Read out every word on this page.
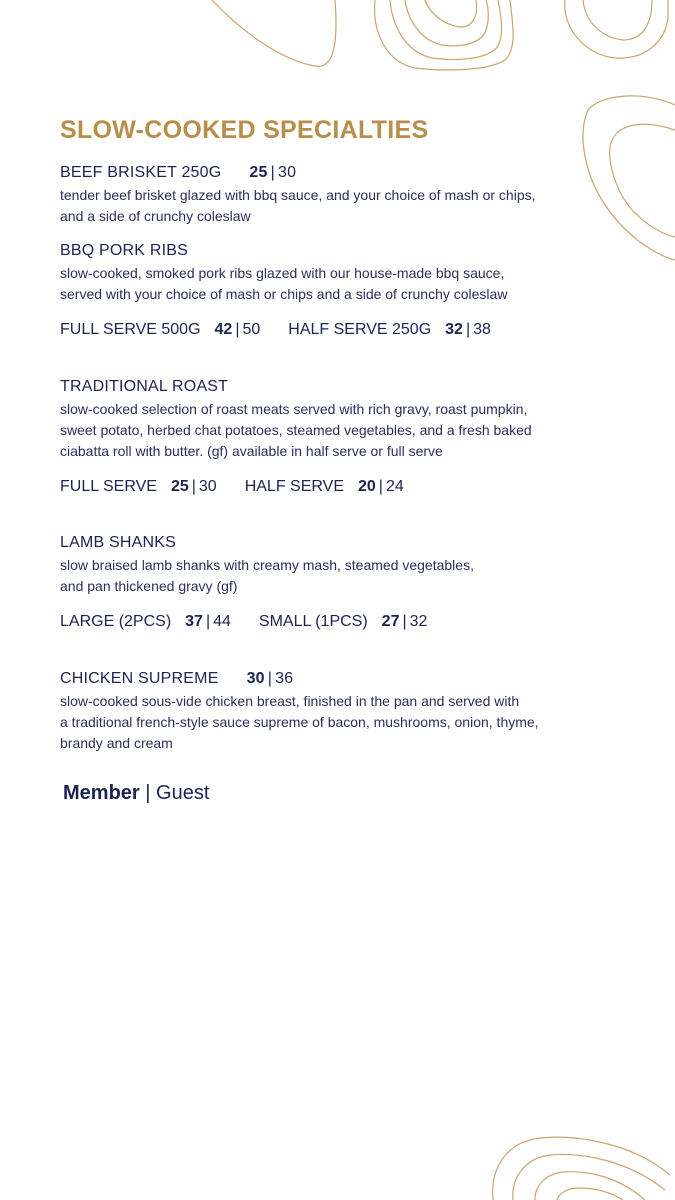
SLOW-COOKED SPECIALTIES
BEEF BRISKET 250G 25 | 30
tender beef brisket glazed with bbq sauce, and your choice of mash or chips,
and a side of crunchy coleslaw
BBQ PORK RIBS
slow-cooked, smoked pork ribs glazed with our house-made bbq sauce,
served with your choice of mash or chips and a side of crunchy coleslaw
FULL SERVE 500G 42 | 50 HALF SERVE 250G 32 | 38
TRADITIONAL ROAST
slow-cooked selection of roast meats served with rich gravy, roast pumpkin,
sweet potato, herbed chat potatoes, steamed vegetables, and a fresh baked
ciabatta roll with butter. (gf) available in half serve or full serve
FULL SERVE 25 | 30 HALF SERVE 20 | 24
LAMB SHANKS
slow braised lamb shanks with creamy mash, steamed vegetables,
and pan thickened gravy (gf)
LARGE (2PCS) 37 | 44 SMALL (1PCS) 27 | 32
CHICKEN SUPREME 30 | 36
slow-cooked sous-vide chicken breast, finished in the pan and served with
a traditional french-style sauce supreme of bacon, mushrooms, onion, thyme,
brandy and cream
Member | Guest
